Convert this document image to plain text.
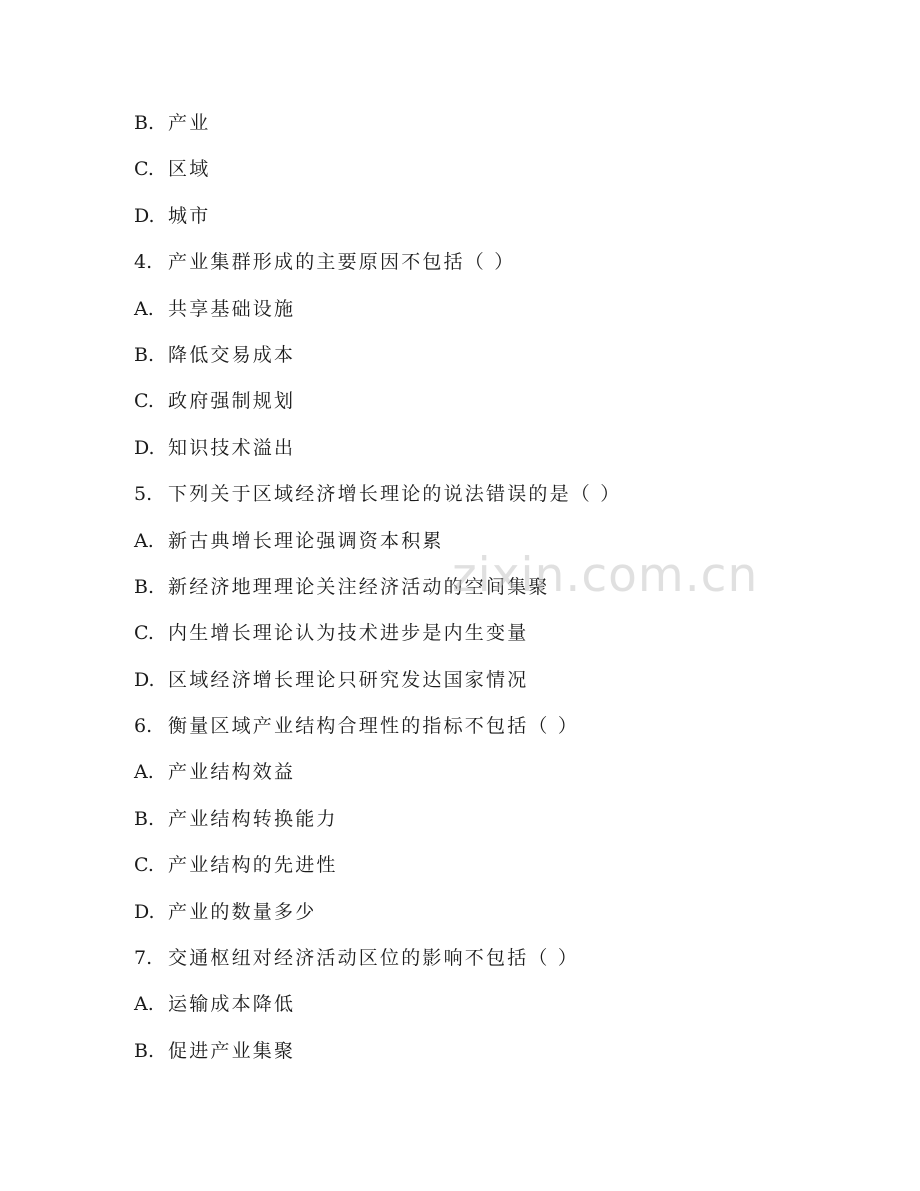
B. 产业
C. 区域
D. 城市
4. 产业集群形成的主要原因不包括（ ）
A. 共享基础设施
B. 降低交易成本
C. 政府强制规划
D. 知识技术溢出
5. 下列关于区域经济增长理论的说法错误的是（ ）
A. 新古典增长理论强调资本积累
B. 新经济地理理论关注经济活动的空间集聚
C. 内生增长理论认为技术进步是内生变量
D. 区域经济增长理论只研究发达国家情况
6. 衡量区域产业结构合理性的指标不包括（ ）
A. 产业结构效益
B. 产业结构转换能力
C. 产业结构的先进性
D. 产业的数量多少
7. 交通枢纽对经济活动区位的影响不包括（ ）
A. 运输成本降低
B. 促进产业集聚
zixin.com.cn
